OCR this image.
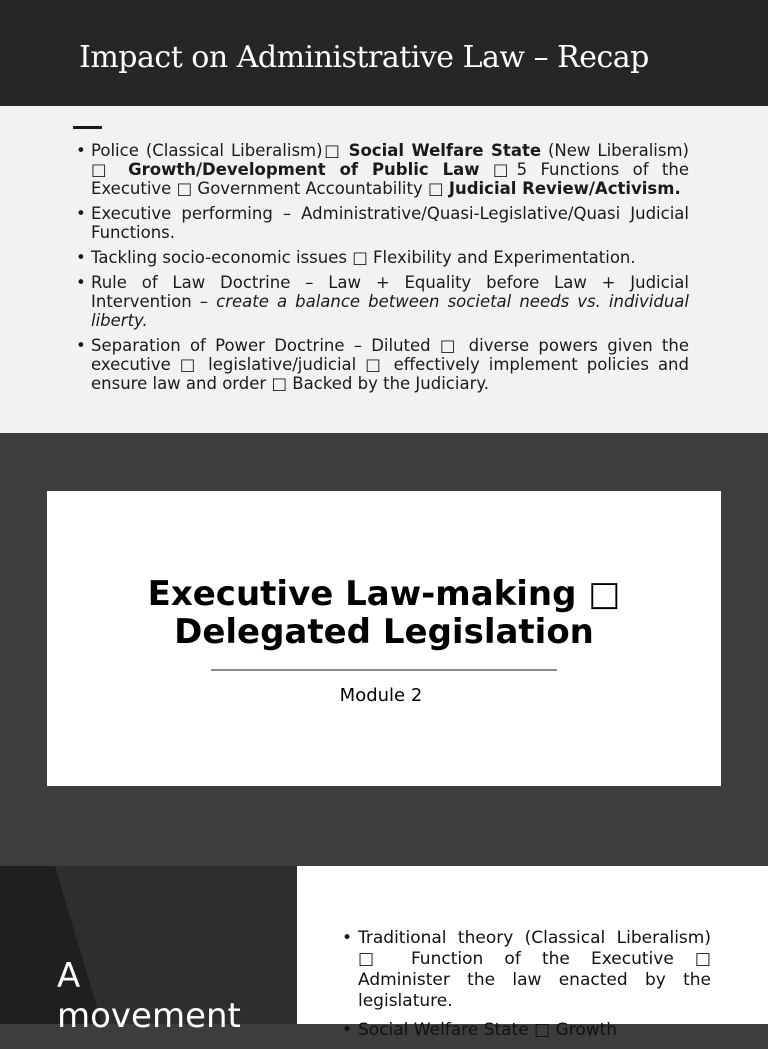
Impact on Administrative Law – Recap
• Police (Classical Liberalism)□ Social Welfare State (New Liberalism) □ Growth/Development of Public Law □5 Functions of the Executive □ Government Accountability □ Judicial Review/Activism.
• Executive performing – Administrative/Quasi-Legislative/Quasi Judicial Functions.
• Tackling socio-economic issues □ Flexibility and Experimentation.
• Rule of Law Doctrine – Law + Equality before Law + Judicial Intervention – create a balance between societal needs vs. individual liberty.
• Separation of Power Doctrine – Diluted □ diverse powers given the executive □ legislative/judicial □ effectively implement policies and ensure law and order □ Backed by the Judiciary.
Executive Law-making □
Delegated Legislation
Module 2
A
movement
• Traditional theory (Classical Liberalism) □ Function of the Executive □ Administer the law enacted by the legislature.
• Social Welfare State □ Growth
